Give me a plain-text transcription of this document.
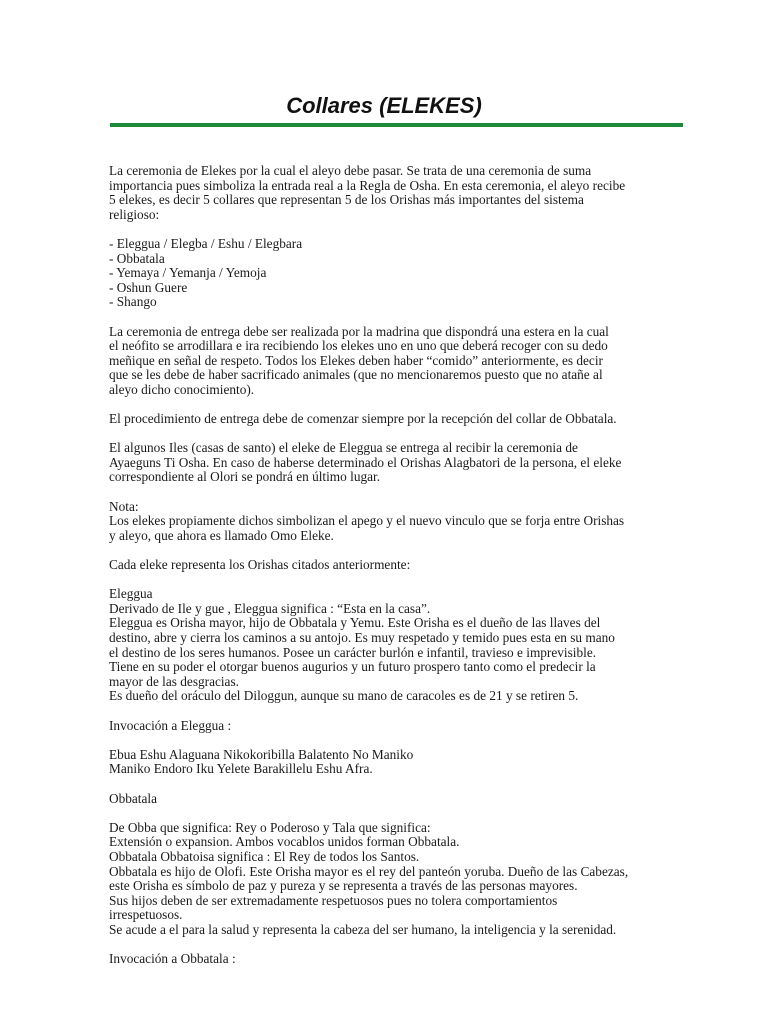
Collares (ELEKES)
La ceremonia de Elekes por la cual el aleyo debe pasar. Se trata de una ceremonia de suma
importancia pues simboliza la entrada real a la Regla de Osha. En esta ceremonia, el aleyo recibe
5 elekes, es decir 5 collares que representan 5 de los Orishas más importantes del sistema
religioso:
- Eleggua / Elegba / Eshu / Elegbara
- Obbatala
- Yemaya / Yemanja / Yemoja
- Oshun Guere
- Shango
La ceremonia de entrega debe ser realizada por la madrina que dispondrá una estera en la cual
el neófito se arrodillara e ira recibiendo los elekes uno en uno que deberá recoger con su dedo
meñique en señal de respeto. Todos los Elekes deben haber “comido” anteriormente, es decir
que se les debe de haber sacrificado animales (que no mencionaremos puesto que no atañe al
aleyo dicho conocimiento).
El procedimiento de entrega debe de comenzar siempre por la recepción del collar de Obbatala.
El algunos Iles (casas de santo) el eleke de Eleggua se entrega al recibir la ceremonia de
Ayaeguns Ti Osha. En caso de haberse determinado el Orishas Alagbatori de la persona, el eleke
correspondiente al Olori se pondrá en último lugar.
Nota:
Los elekes propiamente dichos simbolizan el apego y el nuevo vinculo que se forja entre Orishas
y aleyo, que ahora es llamado Omo Eleke.
Cada eleke representa los Orishas citados anteriormente:
Eleggua
Derivado de Ile y gue , Eleggua significa : “Esta en la casa”.
Eleggua es Orisha mayor, hijo de Obbatala y Yemu. Este Orisha es el dueño de las llaves del
destino, abre y cierra los caminos a su antojo. Es muy respetado y temido pues esta en su mano
el destino de los seres humanos. Posee un carácter burlón e infantil, travieso e imprevisible.
Tiene en su poder el otorgar buenos augurios y un futuro prospero tanto como el predecir la
mayor de las desgracias.
Es dueño del oráculo del Diloggun, aunque su mano de caracoles es de 21 y se retiren 5.
Invocación a Eleggua :
Ebua Eshu Alaguana Nikokoribilla Balatento No Maniko
Maniko Endoro Iku Yelete Barakillelu Eshu Afra.
Obbatala
De Obba que significa: Rey o Poderoso y Tala que significa:
Extensión o expansion. Ambos vocablos unidos forman Obbatala.
Obbatala Obbatoisa significa : El Rey de todos los Santos.
Obbatala es hijo de Olofi. Este Orisha mayor es el rey del panteón yoruba. Dueño de las Cabezas,
este Orisha es símbolo de paz y pureza y se representa a través de las personas mayores.
Sus hijos deben de ser extremadamente respetuosos pues no tolera comportamientos
irrespetuosos.
Se acude a el para la salud y representa la cabeza del ser humano, la inteligencia y la serenidad.
Invocación a Obbatala :
